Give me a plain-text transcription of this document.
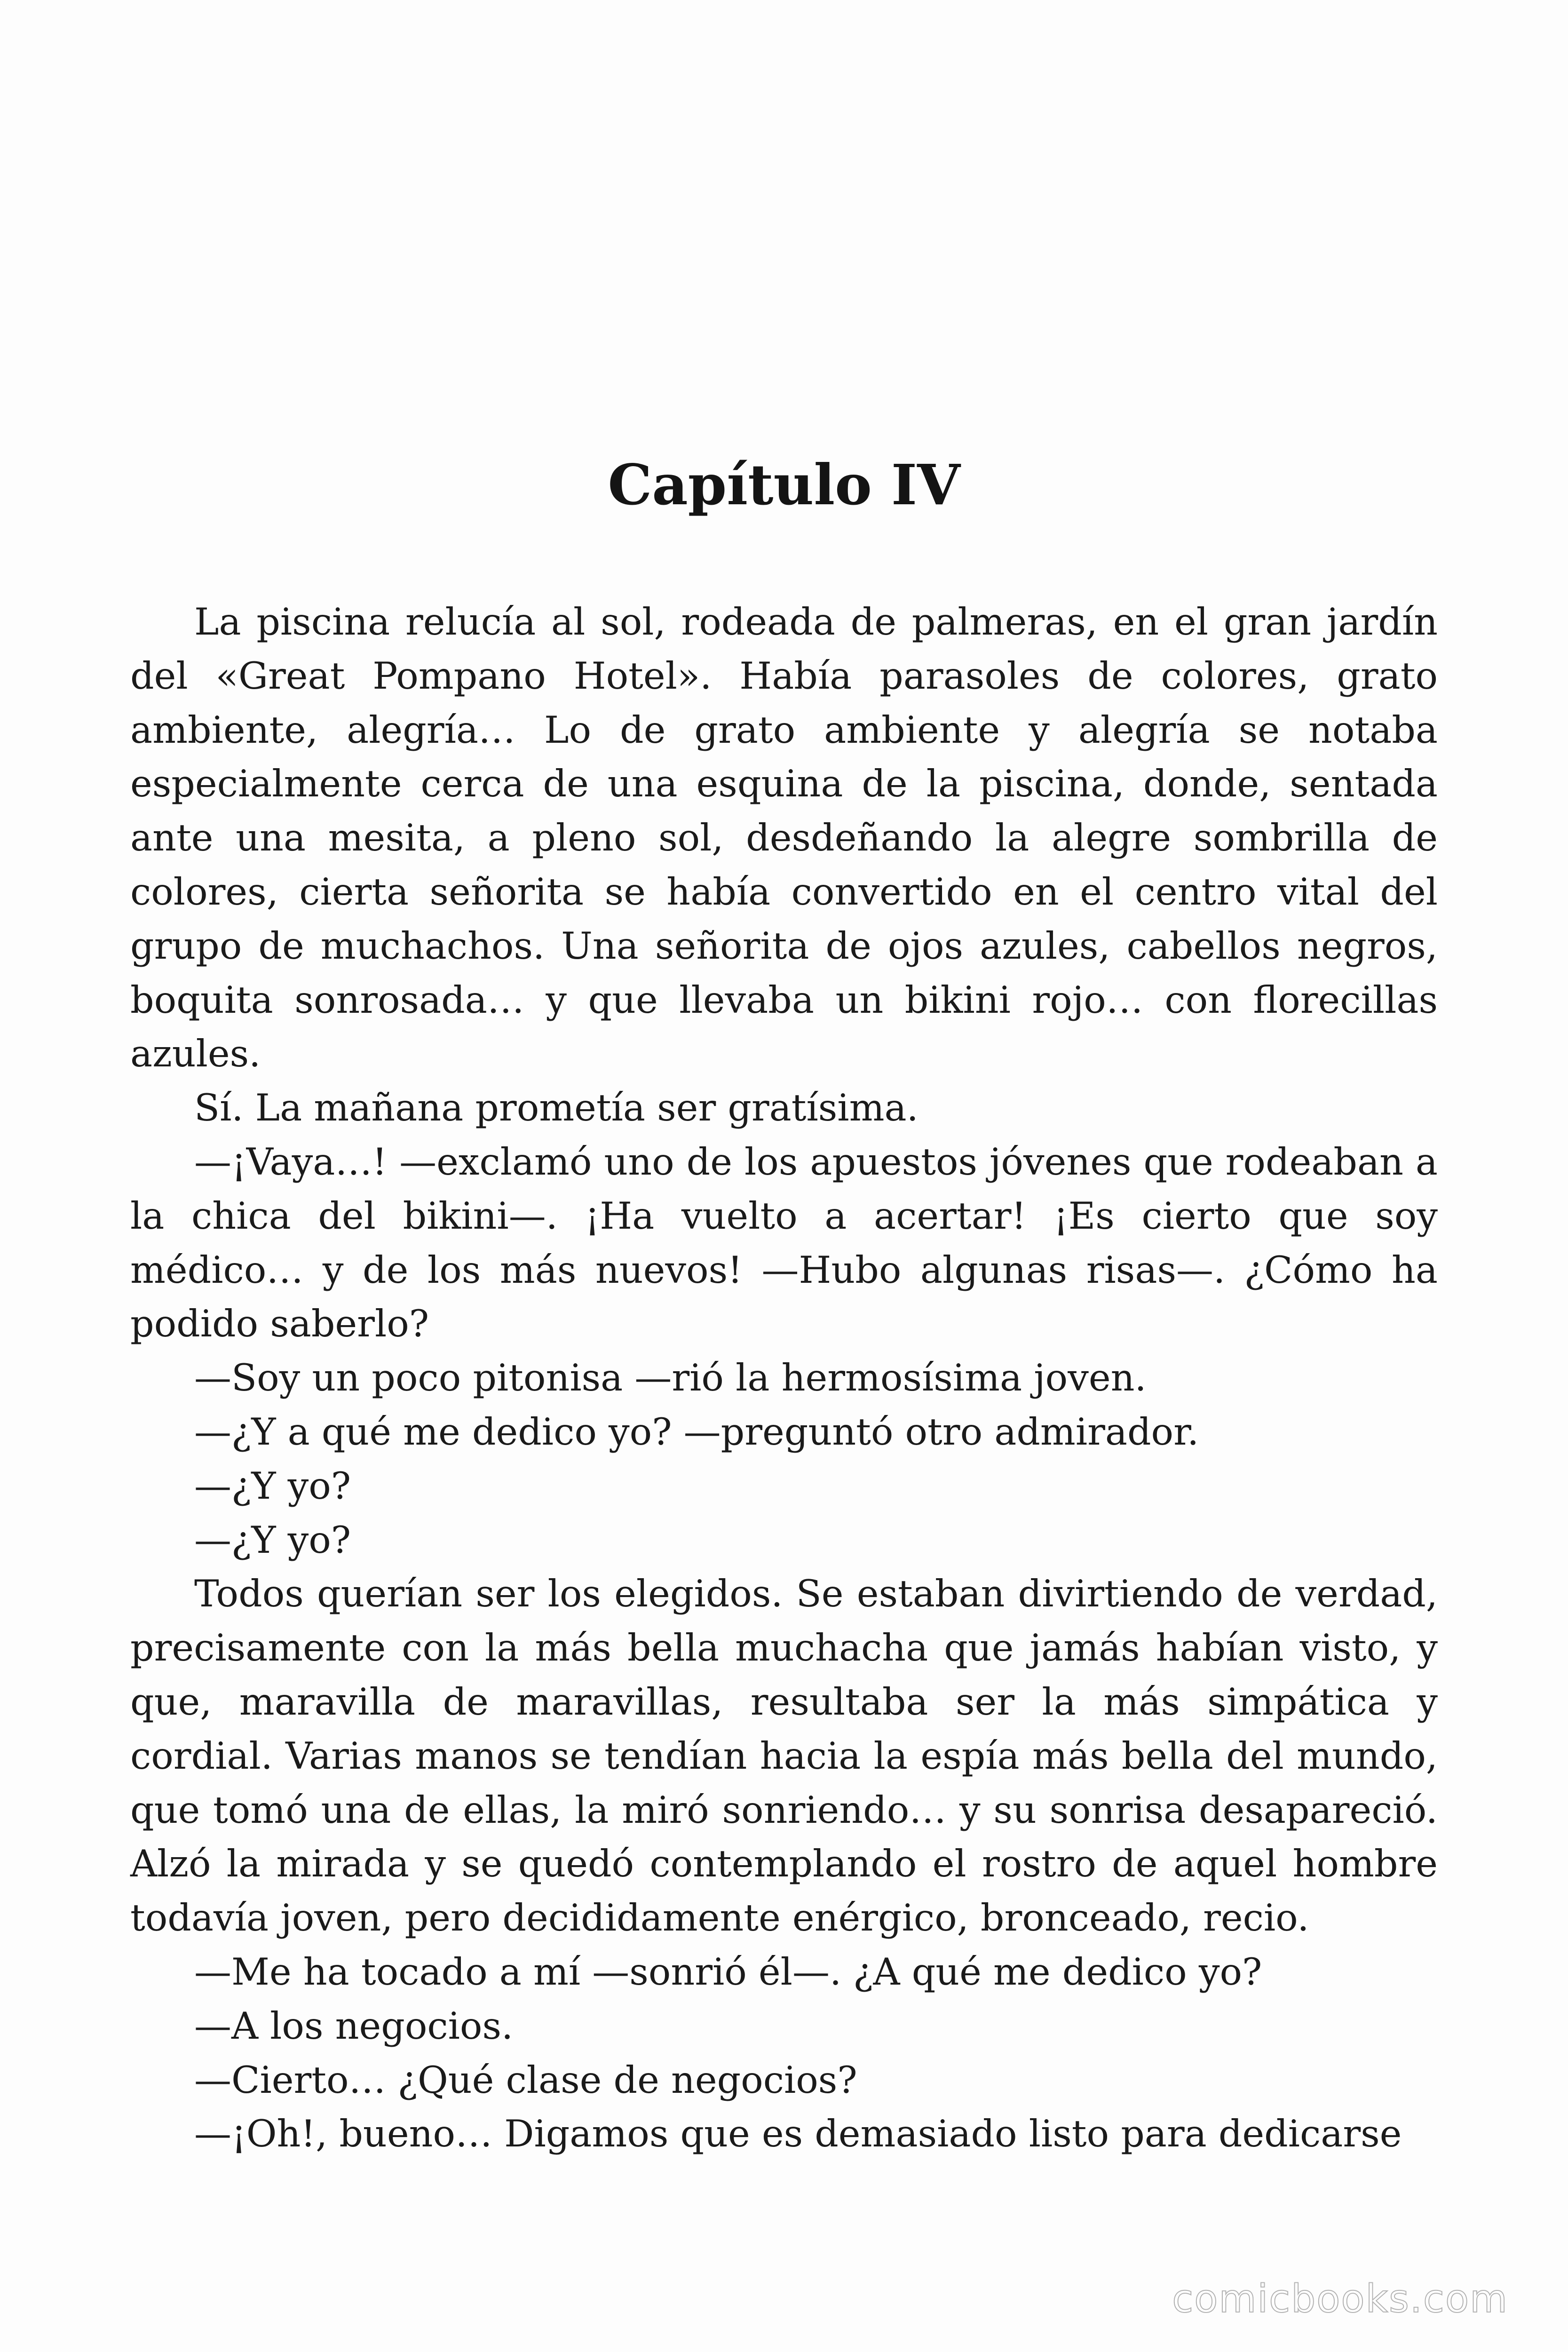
Capítulo IV

La piscina relucía al sol, rodeada de palmeras, en el gran jardín del «Great Pompano Hotel». Había parasoles de colores, grato ambiente, alegría… Lo de grato ambiente y alegría se notaba especialmente cerca de una esquina de la piscina, donde, sentada ante una mesita, a pleno sol, desdeñando la alegre sombrilla de colores, cierta señorita se había convertido en el centro vital del grupo de muchachos. Una señorita de ojos azules, cabellos negros, boquita sonrosada… y que llevaba un bikini rojo… con florecillas azules.

Sí. La mañana prometía ser gratísima.

—¡Vaya…! —exclamó uno de los apuestos jóvenes que rodeaban a la chica del bikini—. ¡Ha vuelto a acertar! ¡Es cierto que soy médico… y de los más nuevos! —Hubo algunas risas—. ¿Cómo ha podido saberlo?

—Soy un poco pitonisa —rió la hermosísima joven.

—¿Y a qué me dedico yo? —preguntó otro admirador.

—¿Y yo?

—¿Y yo?

Todos querían ser los elegidos. Se estaban divirtiendo de verdad, precisamente con la más bella muchacha que jamás habían visto, y que, maravilla de maravillas, resultaba ser la más simpática y cordial. Varias manos se tendían hacia la espía más bella del mundo, que tomó una de ellas, la miró sonriendo… y su sonrisa desapareció. Alzó la mirada y se quedó contemplando el rostro de aquel hombre todavía joven, pero decididamente enérgico, bronceado, recio.

—Me ha tocado a mí —sonrió él—. ¿A qué me dedico yo?

—A los negocios.

—Cierto… ¿Qué clase de negocios?

—¡Oh!, bueno… Digamos que es demasiado listo para dedicarse

comicbooks.com
